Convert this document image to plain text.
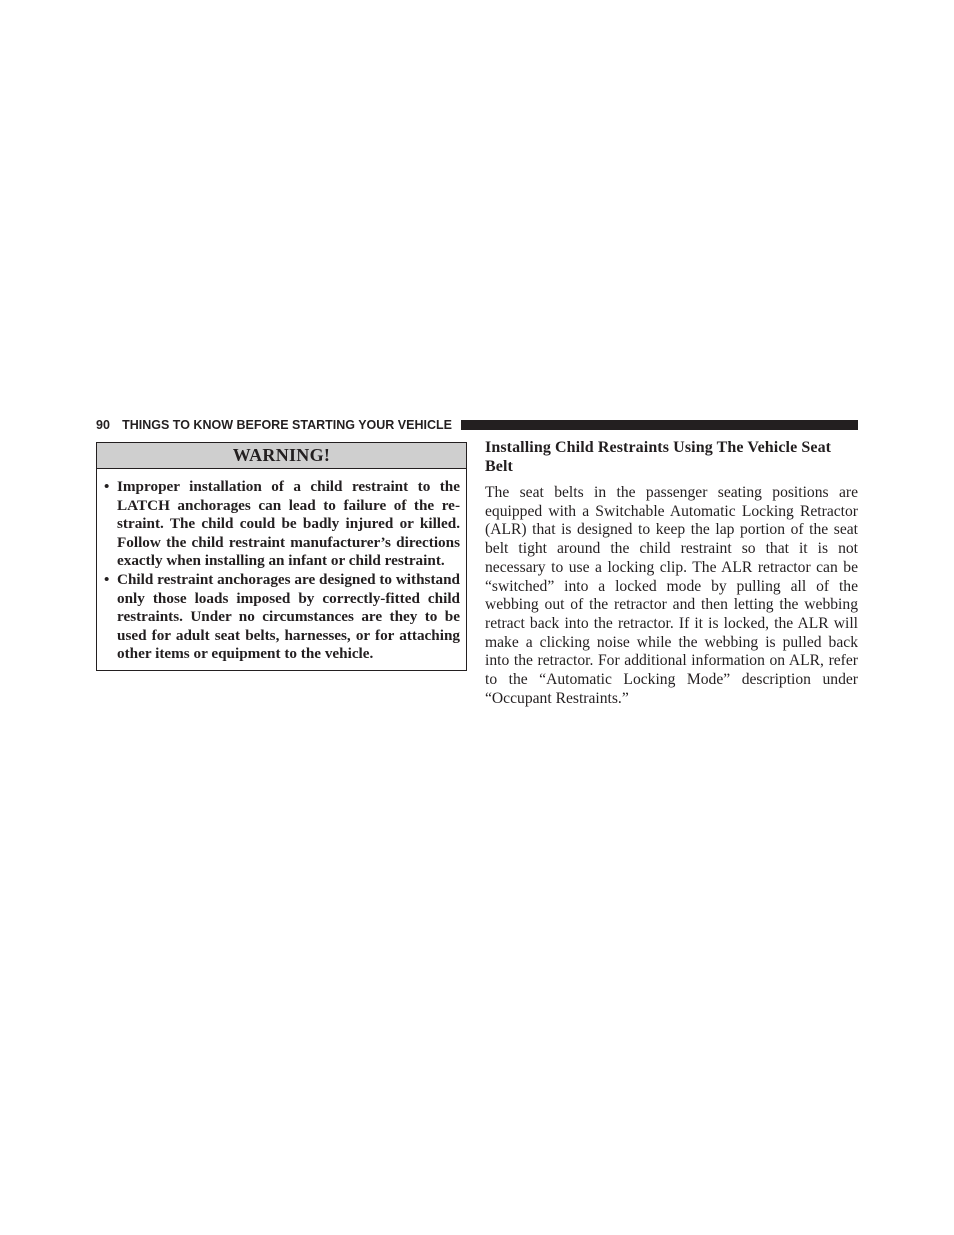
90 THINGS TO KNOW BEFORE STARTING YOUR VEHICLE
WARNING!
• Improper installation of a child restraint to the LATCH anchorages can lead to failure of the restraint. The child could be badly injured or killed. Follow the child restraint manufacturer’s directions exactly when installing an infant or child restraint.
• Child restraint anchorages are designed to withstand only those loads imposed by correctly-fitted child restraints. Under no circumstances are they to be used for adult seat belts, harnesses, or for attaching other items or equipment to the vehicle.
Installing Child Restraints Using The Vehicle Seat Belt

The seat belts in the passenger seating positions are equipped with a Switchable Automatic Locking Retractor (ALR) that is designed to keep the lap portion of the seat belt tight around the child restraint so that it is not necessary to use a locking clip. The ALR retractor can be “switched” into a locked mode by pulling all of the webbing out of the retractor and then letting the webbing retract back into the retractor. If it is locked, the ALR will make a clicking noise while the webbing is pulled back into the retractor. For additional information on ALR, refer to the “Automatic Locking Mode” description under “Occupant Restraints.”
